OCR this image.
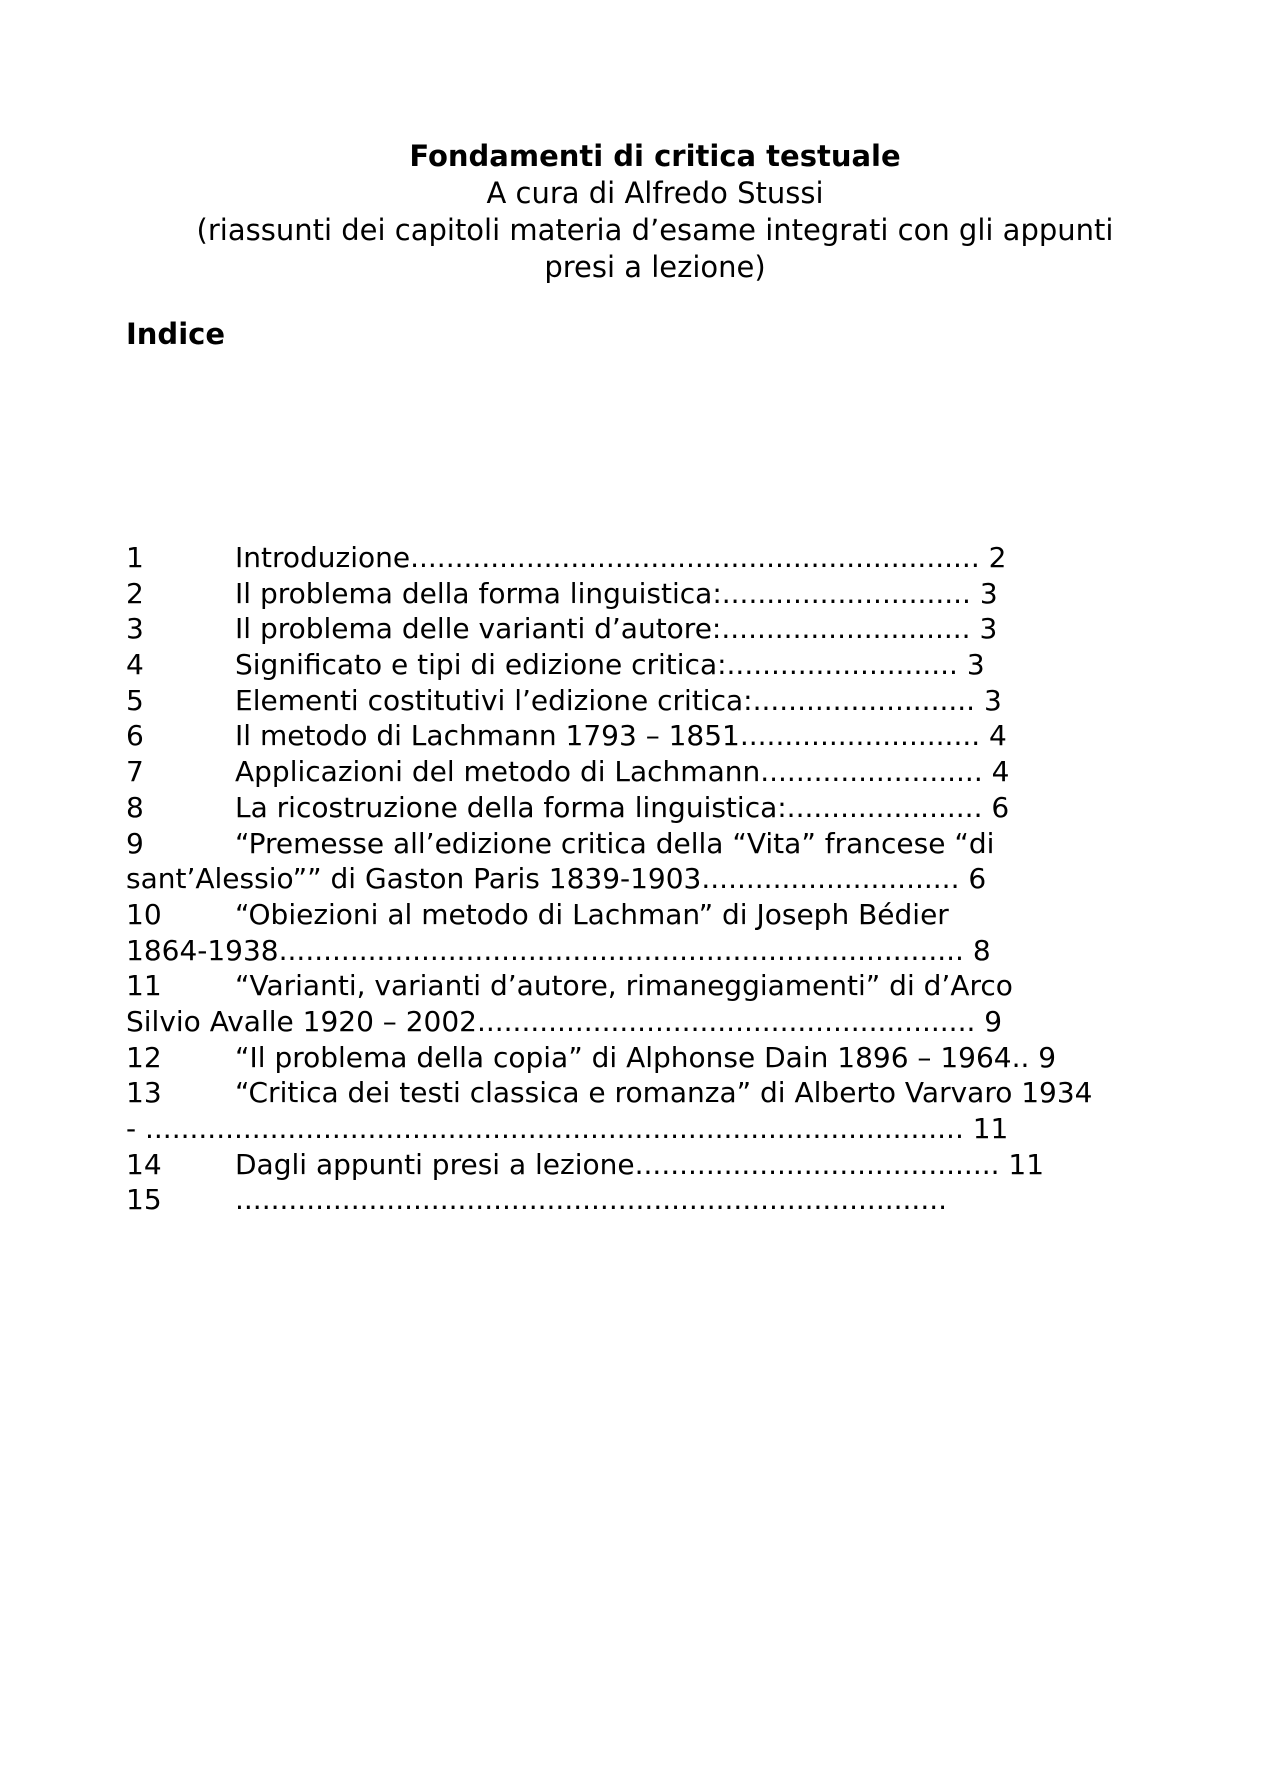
Fondamenti di critica testuale
A cura di Alfredo Stussi
(riassunti dei capitoli materia d’esame integrati con gli appunti
presi a lezione)
Indice
1	Introduzione................................................................ 2
2	Il problema della forma linguistica:............................ 3
3	Il problema delle varianti d’autore:............................ 3
4	Significato e tipi di edizione critica:.......................... 3
5	Elementi costitutivi l’edizione critica:......................... 3
6	Il metodo di Lachmann 1793 – 1851........................... 4
7	Applicazioni del metodo di Lachmann......................... 4
8	La ricostruzione della forma linguistica:...................... 6
9	“Premesse all’edizione critica della “Vita” francese “di
sant’Alessio”” di Gaston Paris 1839-1903............................. 6
10	“Obiezioni al metodo di Lachman” di Joseph Bédier
1864-1938............................................................................. 8
11	“Varianti, varianti d’autore, rimaneggiamenti” di d’Arco
Silvio Avalle 1920 – 2002........................................................ 9
12	“Il problema della copia” di Alphonse Dain 1896 – 1964.. 9
13	“Critica dei testi classica e romanza” di Alberto Varvaro 1934
- ............................................................................................ 11
14	Dagli appunti presi a lezione......................................... 11
15	................................................................................
